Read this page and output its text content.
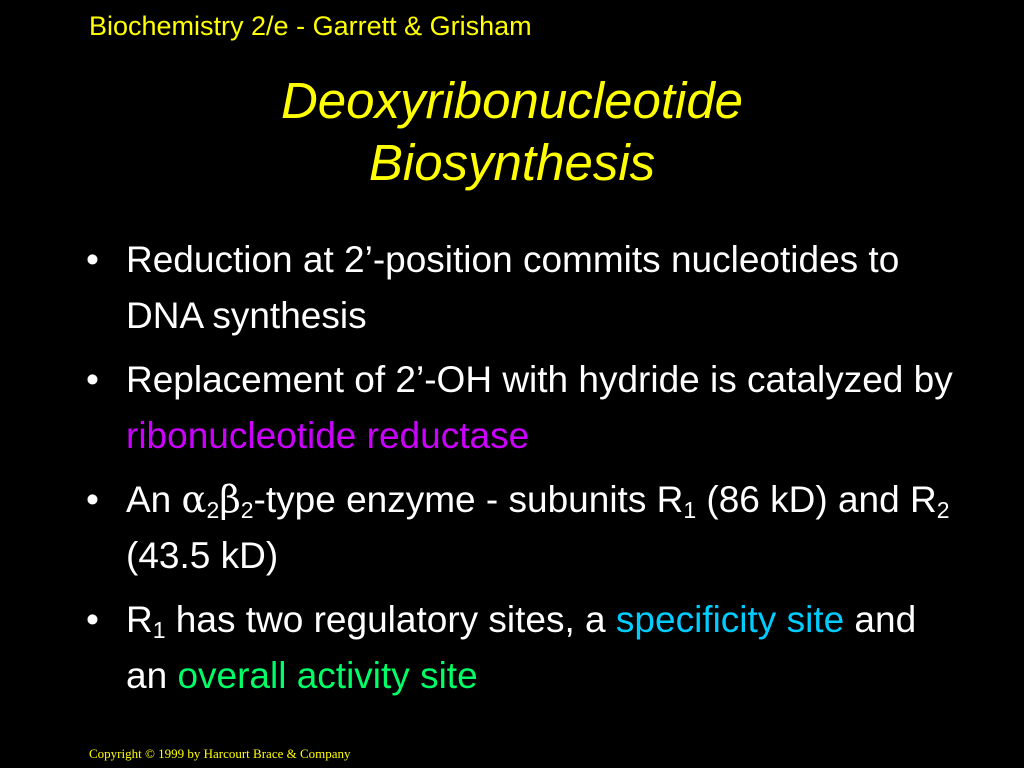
Biochemistry 2/e - Garrett & Grisham
Deoxyribonucleotide
Biosynthesis
• Reduction at 2’-position commits nucleotides to DNA synthesis
• Replacement of 2’-OH with hydride is catalyzed by ribonucleotide reductase
• An $\alpha_2\beta_2$-type enzyme - subunits $R_1$ (86 kD) and $R_2$ (43.5 kD)
• $R_1$ has two regulatory sites, a specificity site and an overall activity site
Copyright © 1999 by Harcourt Brace & Company
